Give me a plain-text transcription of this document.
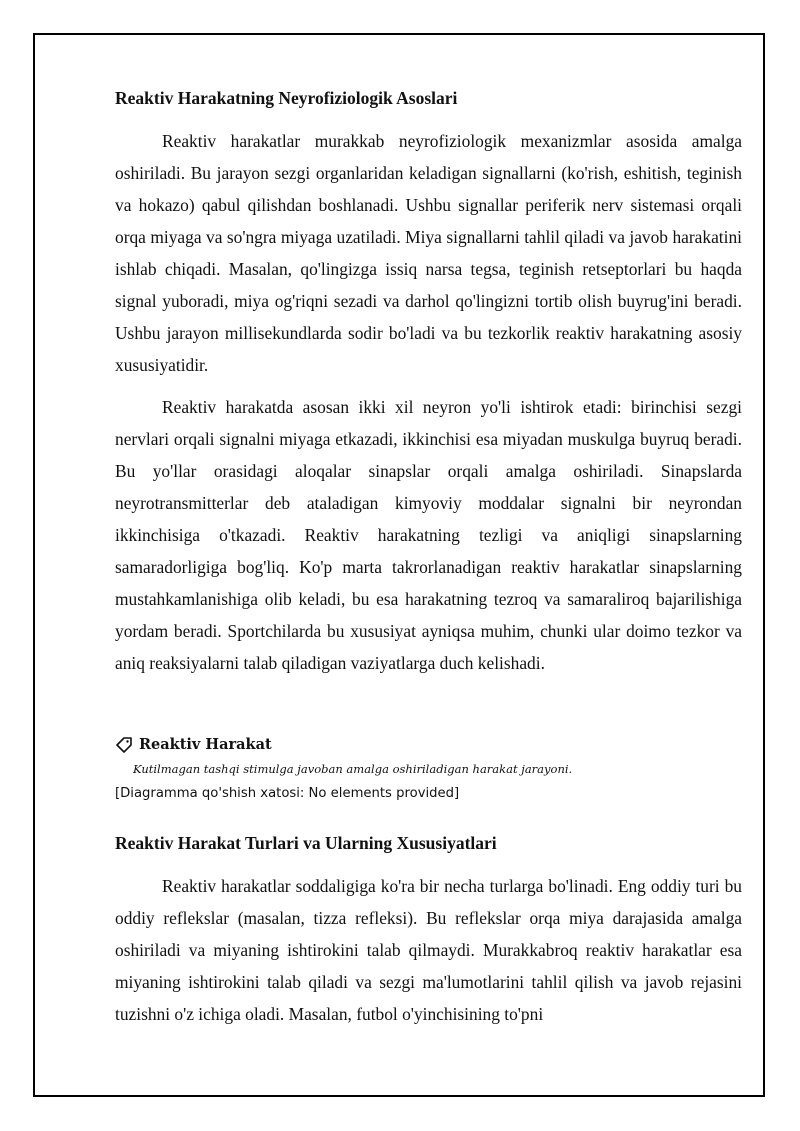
Reaktiv Harakatning Neyrofiziologik Asoslari

Reaktiv harakatlar murakkab neyrofiziologik mexanizmlar asosida amalga oshiriladi. Bu jarayon sezgi organlaridan keladigan signallarni (ko'rish, eshitish, teginish va hokazo) qabul qilishdan boshlanadi. Ushbu signallar periferik nerv sistemasi orqali orqa miyaga va so'ngra miyaga uzatiladi. Miya signallarni tahlil qiladi va javob harakatini ishlab chiqadi. Masalan, qo'lingizga issiq narsa tegsa, teginish retseptorlari bu haqda signal yuboradi, miya og'riqni sezadi va darhol qo'lingizni tortib olish buyrug'ini beradi. Ushbu jarayon millisekundlarda sodir bo'ladi va bu tezkorlik reaktiv harakatning asosiy xususiyatidir.

Reaktiv harakatda asosan ikki xil neyron yo'li ishtirok etadi: birinchisi sezgi nervlari orqali signalni miyaga etkazadi, ikkinchisi esa miyadan muskulga buyruq beradi. Bu yo'llar orasidagi aloqalar sinapslar orqali amalga oshiriladi. Sinapslarda neyrotransmitterlar deb ataladigan kimyoviy moddalar signalni bir neyrondan ikkinchisiga o'tkazadi. Reaktiv harakatning tezligi va aniqligi sinapslarning samaradorligiga bog'liq. Ko'p marta takrorlanadigan reaktiv harakatlar sinapslarning mustahkamlanishiga olib keladi, bu esa harakatning tezroq va samaraliroq bajarilishiga yordam beradi. Sportchilarda bu xususiyat ayniqsa muhim, chunki ular doimo tezkor va aniq reaksiyalarni talab qiladigan vaziyatlarga duch kelishadi.

Reaktiv Harakat
Kutilmagan tashqi stimulga javoban amalga oshiriladigan harakat jarayoni.
[Diagramma qo'shish xatosi: No elements provided]
Reaktiv Harakat Turlari va Ularning Xususiyatlari

Reaktiv harakatlar soddaligiga ko'ra bir necha turlarga bo'linadi. Eng oddiy turi bu oddiy reflekslar (masalan, tizza refleksi). Bu reflekslar orqa miya darajasida amalga oshiriladi va miyaning ishtirokini talab qilmaydi. Murakkabroq reaktiv harakatlar esa miyaning ishtirokini talab qiladi va sezgi ma'lumotlarini tahlil qilish va javob rejasini tuzishni o'z ichiga oladi. Masalan, futbol o'yinchisining to'pni
